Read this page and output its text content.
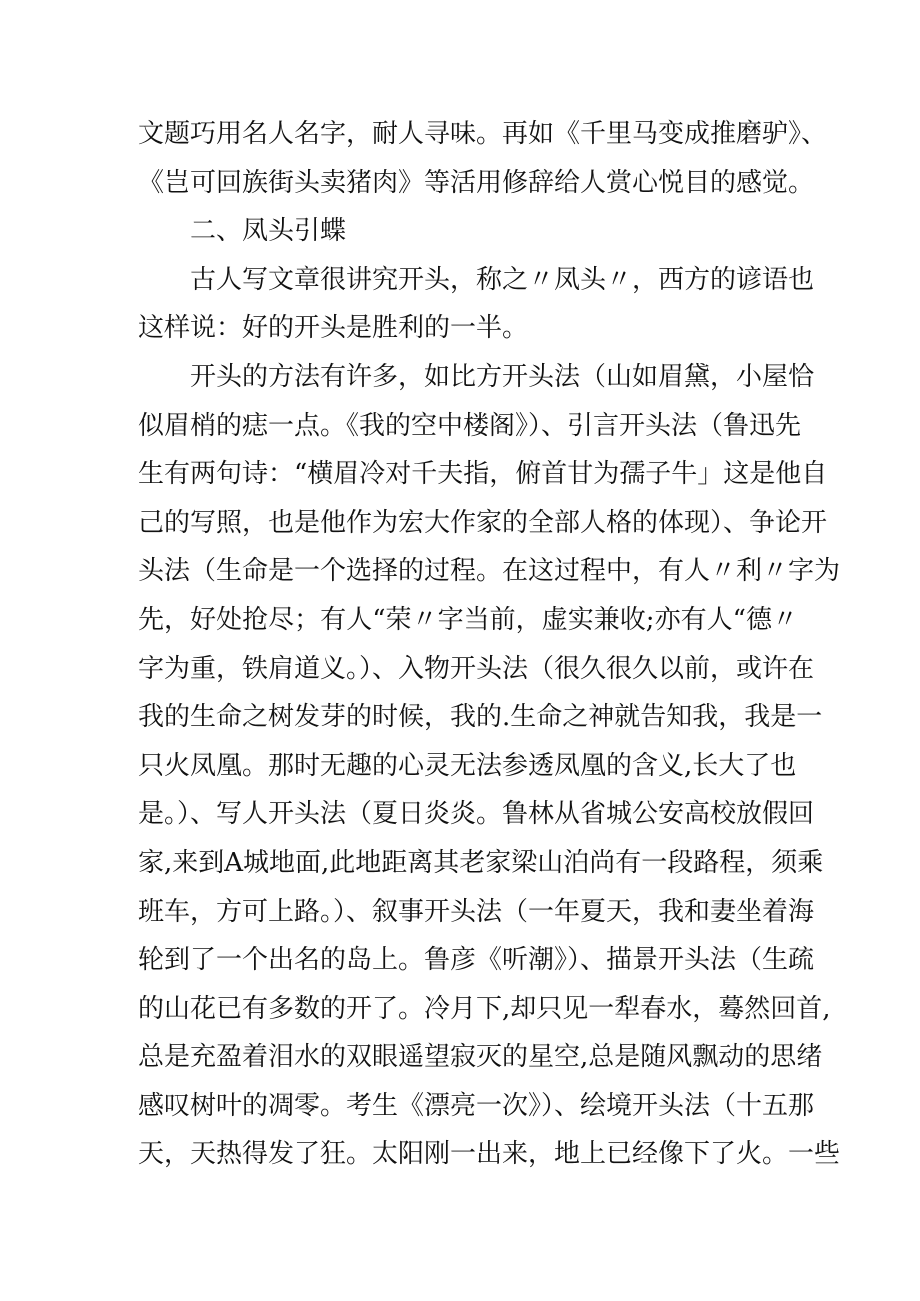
文题巧用名人名字，耐人寻味。再如《千里马变成推磨驴》、
《岂可回族街头卖猪肉》等活用修辞给人赏心悦目的感觉。
二、凤头引蝶
古人写文章很讲究开头，称之〃凤头〃，西方的谚语也
这样说：好的开头是胜利的一半。
开头的方法有许多，如比方开头法（山如眉黛，小屋恰
似眉梢的痣一点。《我的空中楼阁》）、引言开头法（鲁迅先
生有两句诗：“横眉冷对千夫指，俯首甘为孺子牛」这是他自
己的写照，也是他作为宏大作家的全部人格的体现）、争论开
头法（生命是一个选择的过程。在这过程中，有人〃利〃字为
先，好处抢尽；有人“荣〃字当前，虚实兼收;亦有人“德〃
字为重，铁肩道义。）、入物开头法（很久很久以前，或许在
我的生命之树发芽的时候，我的.生命之神就告知我，我是一
只火凤凰。那时无趣的心灵无法参透凤凰的含义,长大了也
是。）、写人开头法（夏日炎炎。鲁林从省城公安高校放假回
家,来到A城地面,此地距离其老家梁山泊尚有一段路程，须乘
班车，方可上路。）、叙事开头法（一年夏天，我和妻坐着海
轮到了一个出名的岛上。鲁彦《听潮》）、描景开头法（生疏
的山花已有多数的开了。冷月下,却只见一犁春水，蓦然回首,
总是充盈着泪水的双眼遥望寂灭的星空,总是随风飘动的思绪
感叹树叶的凋零。考生《漂亮一次》）、绘境开头法（十五那
天，天热得发了狂。太阳刚一出来，地上已经像下了火。一些
